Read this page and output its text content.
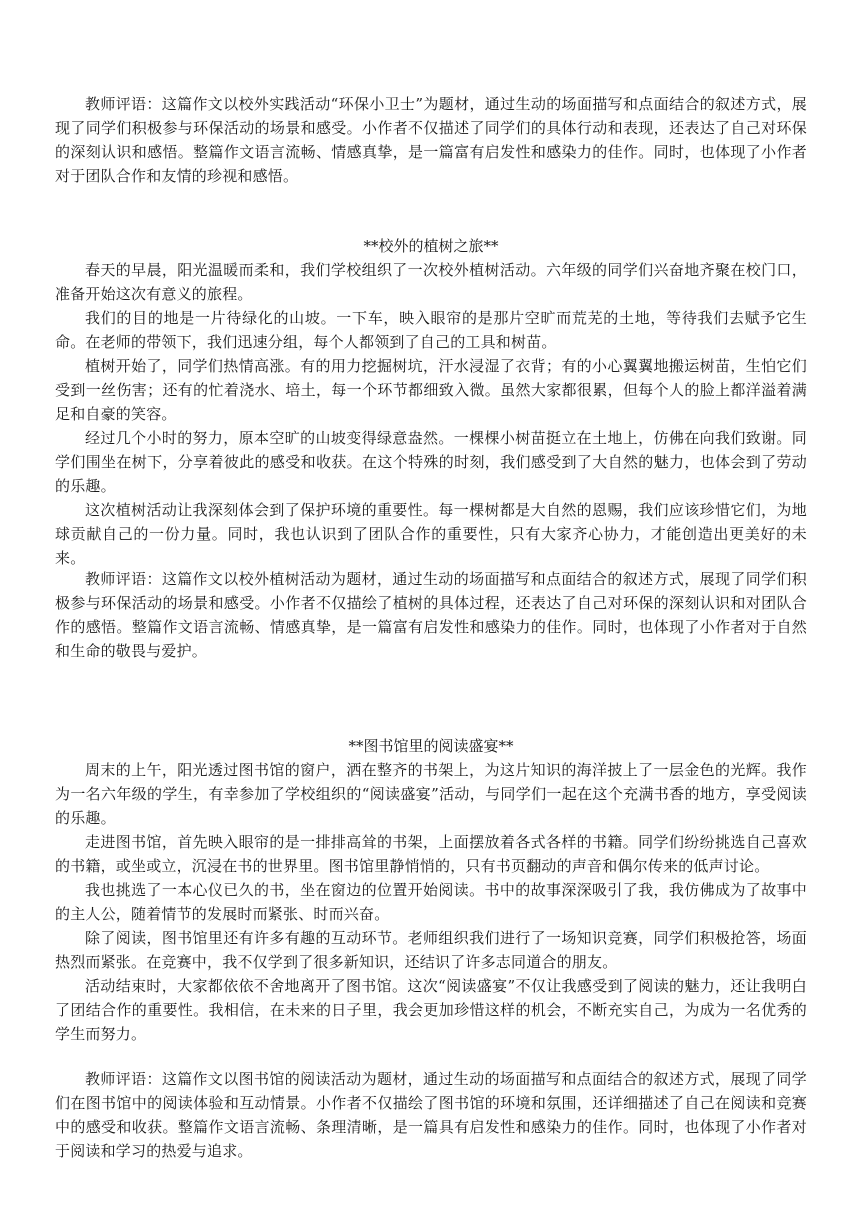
教师评语：这篇作文以校外实践活动“环保小卫士”为题材，通过生动的场面描写和点面结合的叙述方式，展现了同学们积极参与环保活动的场景和感受。小作者不仅描述了同学们的具体行动和表现，还表达了自己对环保的深刻认识和感悟。整篇作文语言流畅、情感真挚，是一篇富有启发性和感染力的佳作。同时，也体现了小作者对于团队合作和友情的珍视和感悟。

**校外的植树之旅**

春天的早晨，阳光温暖而柔和，我们学校组织了一次校外植树活动。六年级的同学们兴奋地齐聚在校门口，准备开始这次有意义的旅程。

我们的目的地是一片待绿化的山坡。一下车，映入眼帘的是那片空旷而荒芜的土地，等待我们去赋予它生命。在老师的带领下，我们迅速分组，每个人都领到了自己的工具和树苗。

植树开始了，同学们热情高涨。有的用力挖掘树坑，汗水浸湿了衣背；有的小心翼翼地搬运树苗，生怕它们受到一丝伤害；还有的忙着浇水、培土，每一个环节都细致入微。虽然大家都很累，但每个人的脸上都洋溢着满足和自豪的笑容。

经过几个小时的努力，原本空旷的山坡变得绿意盎然。一棵棵小树苗挺立在土地上，仿佛在向我们致谢。同学们围坐在树下，分享着彼此的感受和收获。在这个特殊的时刻，我们感受到了大自然的魅力，也体会到了劳动的乐趣。

这次植树活动让我深刻体会到了保护环境的重要性。每一棵树都是大自然的恩赐，我们应该珍惜它们，为地球贡献自己的一份力量。同时，我也认识到了团队合作的重要性，只有大家齐心协力，才能创造出更美好的未来。

教师评语：这篇作文以校外植树活动为题材，通过生动的场面描写和点面结合的叙述方式，展现了同学们积极参与环保活动的场景和感受。小作者不仅描绘了植树的具体过程，还表达了自己对环保的深刻认识和对团队合作的感悟。整篇作文语言流畅、情感真挚，是一篇富有启发性和感染力的佳作。同时，也体现了小作者对于自然和生命的敬畏与爱护。

**图书馆里的阅读盛宴**

周末的上午，阳光透过图书馆的窗户，洒在整齐的书架上，为这片知识的海洋披上了一层金色的光辉。我作为一名六年级的学生，有幸参加了学校组织的“阅读盛宴”活动，与同学们一起在这个充满书香的地方，享受阅读的乐趣。

走进图书馆，首先映入眼帘的是一排排高耸的书架，上面摆放着各式各样的书籍。同学们纷纷挑选自己喜欢的书籍，或坐或立，沉浸在书的世界里。图书馆里静悄悄的，只有书页翻动的声音和偶尔传来的低声讨论。

我也挑选了一本心仪已久的书，坐在窗边的位置开始阅读。书中的故事深深吸引了我，我仿佛成为了故事中的主人公，随着情节的发展时而紧张、时而兴奋。

除了阅读，图书馆里还有许多有趣的互动环节。老师组织我们进行了一场知识竞赛，同学们积极抢答，场面热烈而紧张。在竞赛中，我不仅学到了很多新知识，还结识了许多志同道合的朋友。

活动结束时，大家都依依不舍地离开了图书馆。这次“阅读盛宴”不仅让我感受到了阅读的魅力，还让我明白了团结合作的重要性。我相信，在未来的日子里，我会更加珍惜这样的机会，不断充实自己，为成为一名优秀的学生而努力。

教师评语：这篇作文以图书馆的阅读活动为题材，通过生动的场面描写和点面结合的叙述方式，展现了同学们在图书馆中的阅读体验和互动情景。小作者不仅描绘了图书馆的环境和氛围，还详细描述了自己在阅读和竞赛中的感受和收获。整篇作文语言流畅、条理清晰，是一篇具有启发性和感染力的佳作。同时，也体现了小作者对于阅读和学习的热爱与追求。
